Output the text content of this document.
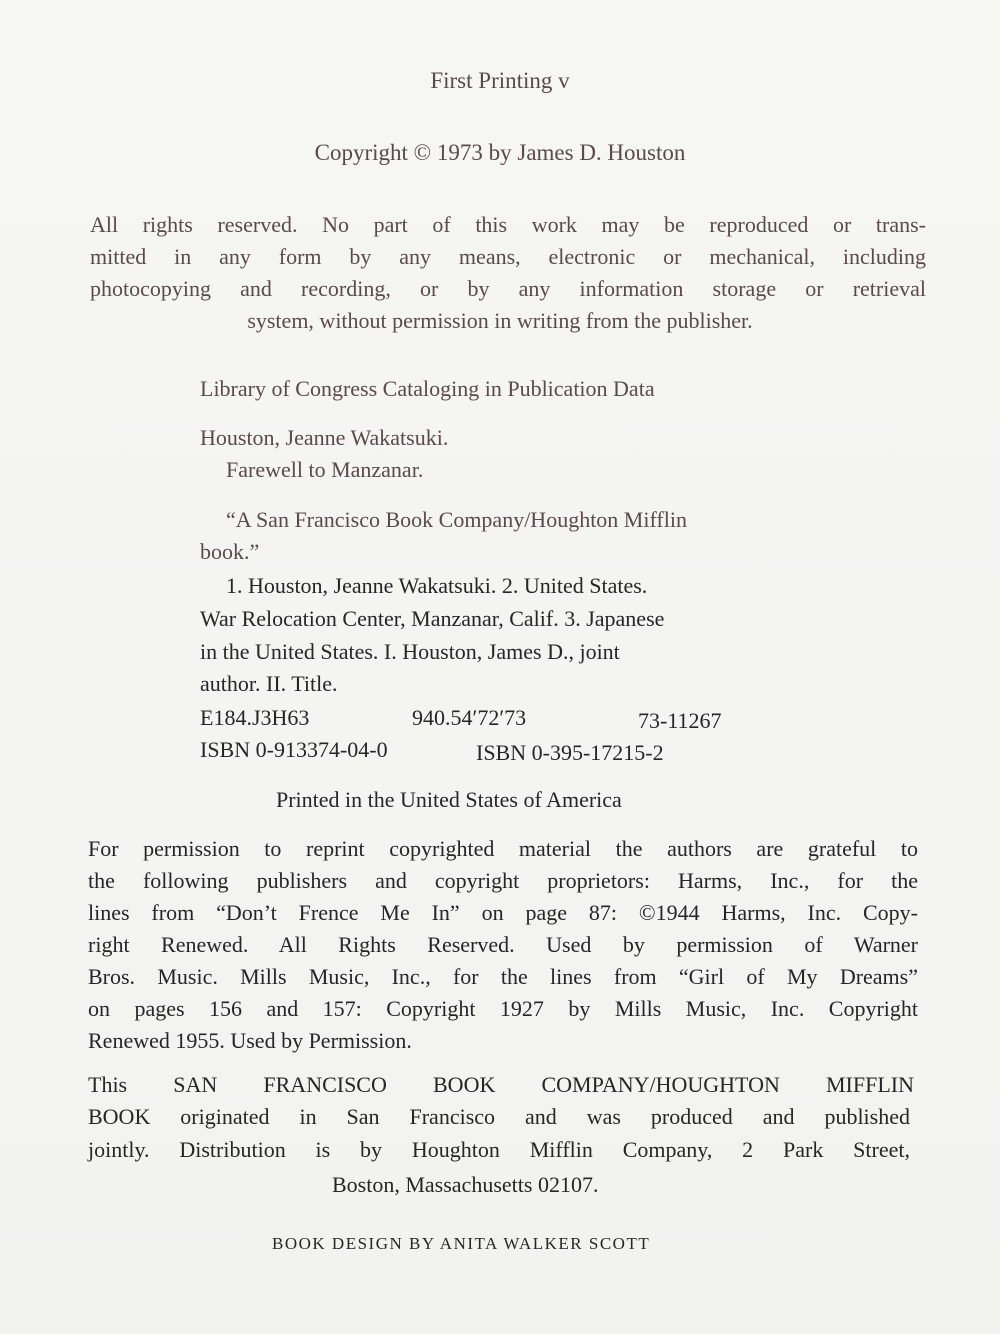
First Printing v
Copyright © 1973 by James D. Houston
All rights reserved. No part of this work may be reproduced or trans-
mitted in any form by any means, electronic or mechanical, including
photocopying and recording, or by any information storage or retrieval
system, without permission in writing from the publisher.
Library of Congress Cataloging in Publication Data
Houston, Jeanne Wakatsuki.
Farewell to Manzanar.
“A San Francisco Book Company/Houghton Mifflin
book.”
1. Houston, Jeanne Wakatsuki. 2. United States.
War Relocation Center, Manzanar, Calif. 3. Japanese
in the United States. I. Houston, James D., joint
author. II. Title.
E184.J3H63	940.54′72′73	73-11267
ISBN 0-913374-04-0	ISBN 0-395-17215-2
Printed in the United States of America
For permission to reprint copyrighted material the authors are grateful to
the following publishers and copyright proprietors: Harms, Inc., for the
lines from “Don’t Frence Me In” on page 87: ©1944 Harms, Inc. Copy-
right Renewed. All Rights Reserved. Used by permission of Warner
Bros. Music. Mills Music, Inc., for the lines from “Girl of My Dreams”
on pages 156 and 157: Copyright 1927 by Mills Music, Inc. Copyright
Renewed 1955. Used by Permission.
This SAN FRANCISCO BOOK COMPANY/HOUGHTON MIFFLIN
BOOK originated in San Francisco and was produced and published
jointly. Distribution is by Houghton Mifflin Company, 2 Park Street,
Boston, Massachusetts 02107.
BOOK DESIGN BY ANITA WALKER SCOTT
